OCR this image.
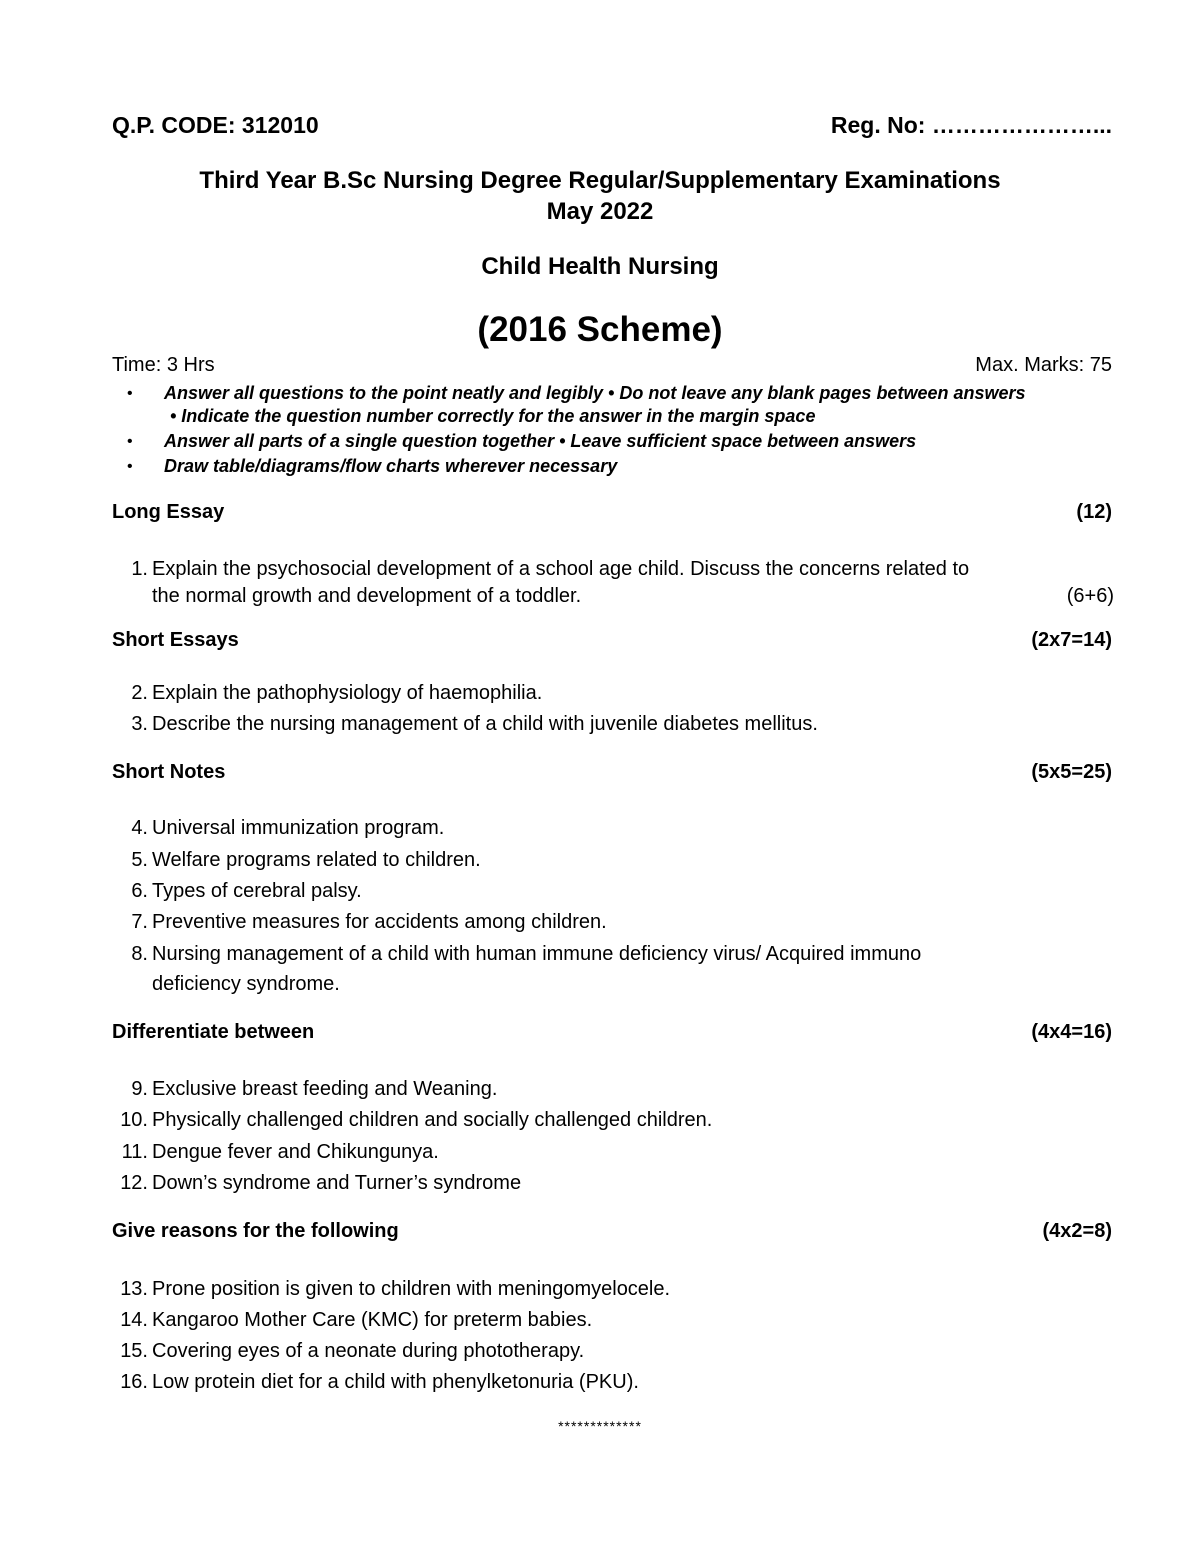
Q.P. CODE: 312010	Reg. No: …………………...
Third Year B.Sc Nursing Degree Regular/Supplementary Examinations
May 2022
Child Health Nursing
(2016 Scheme)
Time: 3 Hrs	Max. Marks: 75
• Answer all questions to the point neatly and legibly • Do not leave any blank pages between answers
• Indicate the question number correctly for the answer in the margin space
• Answer all parts of a single question together • Leave sufficient space between answers
• Draw table/diagrams/flow charts wherever necessary
Long Essay	(12)
1. Explain the psychosocial development of a school age child. Discuss the concerns related to
the normal growth and development of a toddler.	(6+6)
Short Essays	(2x7=14)
2. Explain the pathophysiology of haemophilia.
3. Describe the nursing management of a child with juvenile diabetes mellitus.
Short Notes	(5x5=25)
4. Universal immunization program.
5. Welfare programs related to children.
6. Types of cerebral palsy.
7. Preventive measures for accidents among children.
8. Nursing management of a child with human immune deficiency virus/ Acquired immuno
deficiency syndrome.
Differentiate between	(4x4=16)
9. Exclusive breast feeding and Weaning.
10. Physically challenged children and socially challenged children.
11. Dengue fever and Chikungunya.
12. Down’s syndrome and Turner’s syndrome
Give reasons for the following	(4x2=8)
13. Prone position is given to children with meningomyelocele.
14. Kangaroo Mother Care (KMC) for preterm babies.
15. Covering eyes of a neonate during phototherapy.
16. Low protein diet for a child with phenylketonuria (PKU).
*************
